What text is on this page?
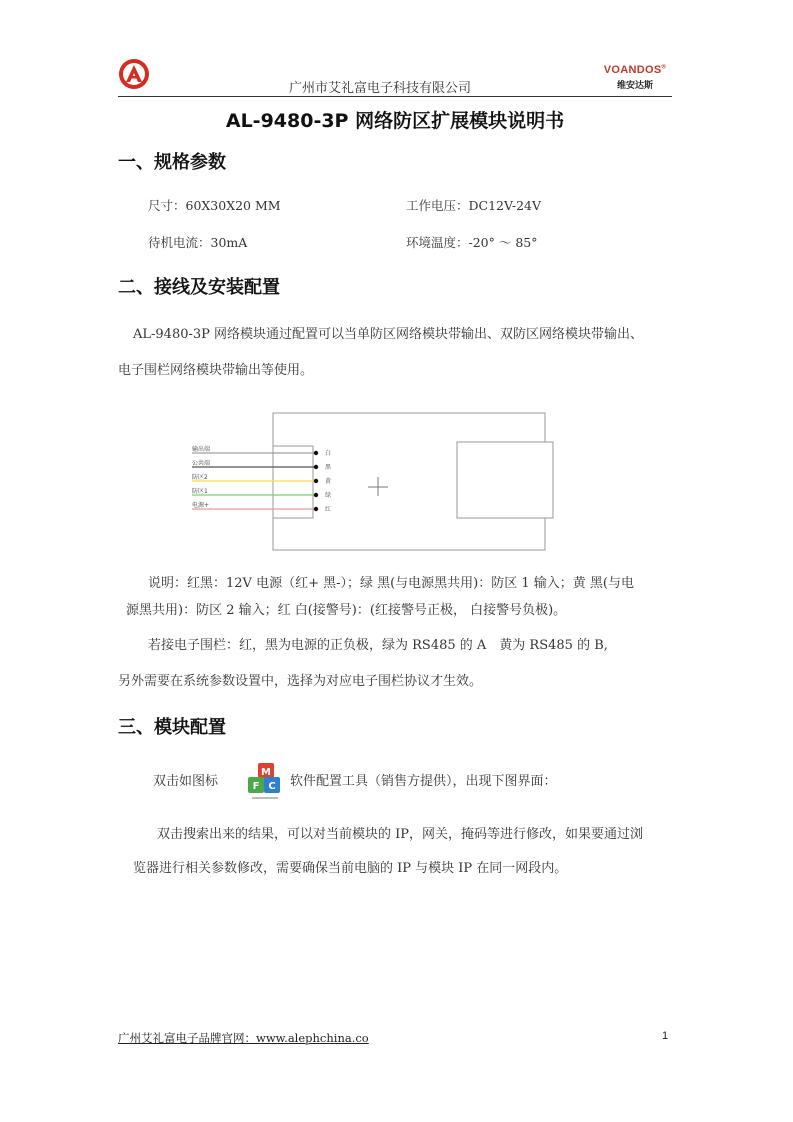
广州市艾礼富电子科技有限公司
VOANDOS®
维安达斯
AL-9480-3P 网络防区扩展模块说明书
一、规格参数
尺寸：60X30X20 MM	工作电压：DC12V-24V
待机电流：30mA	环境温度：-20° ～ 85°
二、接线及安装配置
AL-9480-3P 网络模块通过配置可以当单防区网络模块带输出、双防区网络模块带输出、
电子围栏网络模块带输出等使用。
输出端
白
公共端
黑
防区2
黄
防区1
绿
电源+
红
说明：红黑：12V 电源（红+ 黑-）；绿 黑(与电源黑共用)：防区 1 输入；黄 黑(与电
源黑共用)：防区 2 输入；红 白(接警号)：(红接警号正极， 白接警号负极)。
若接电子围栏：红，黑为电源的正负极，绿为 RS485 的 A　黄为 RS485 的 B,
另外需要在系统参数设置中，选择为对应电子围栏协议才生效。
三、模块配置
双击如图标
M
F C 软件配置工具（销售方提供），出现下图界面：
双击搜索出来的结果，可以对当前模块的 IP，网关，掩码等进行修改，如果要通过浏
览器进行相关参数修改，需要确保当前电脑的 IP 与模块 IP 在同一网段内。
广州艾礼富电子品牌官网：www.alephchina.co	1
